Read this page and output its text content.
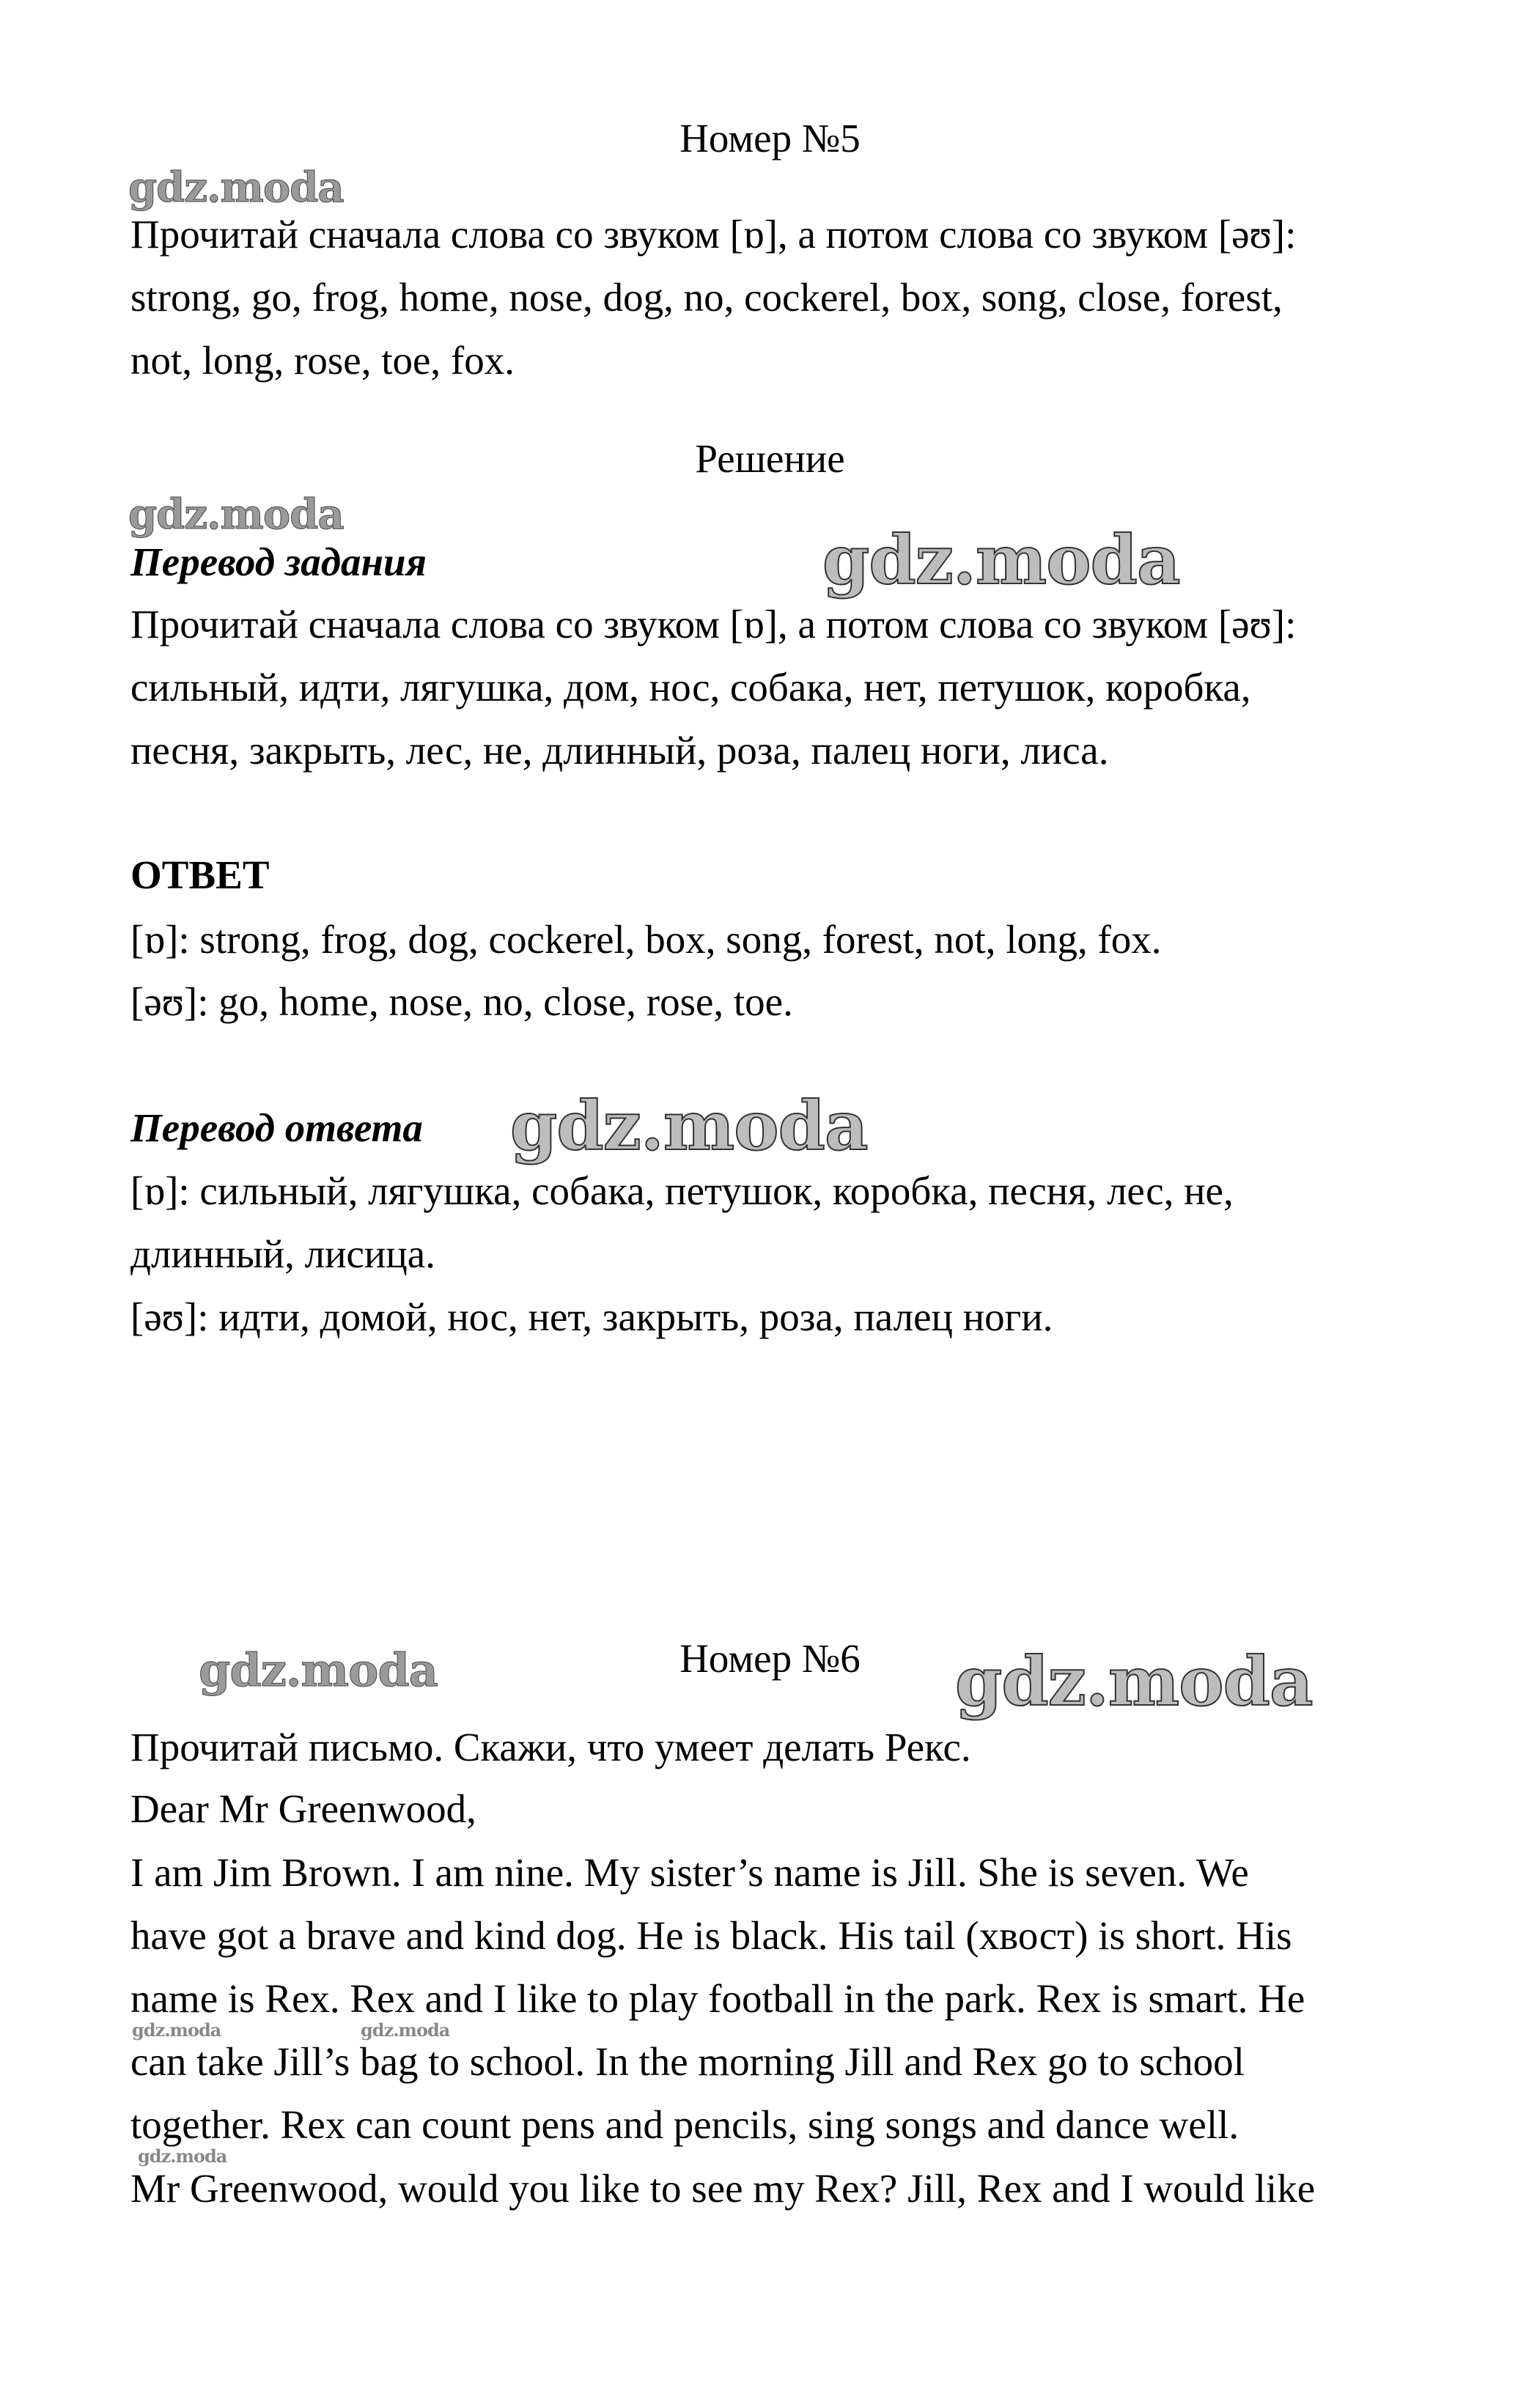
Номер №5
gdz.moda
Прочитай сначала слова со звуком [ɒ], а потом слова со звуком [əʊ]:
strong, go, frog, home, nose, dog, no, cockerel, box, song, close, forest,
not, long, rose, toe, fox.
Решение
gdz.moda
Перевод задания	gdz.moda
Прочитай сначала слова со звуком [ɒ], а потом слова со звуком [əʊ]:
сильный, идти, лягушка, дом, нос, собака, нет, петушок, коробка,
песня, закрыть, лес, не, длинный, роза, палец ноги, лиса.
ОТВЕТ
[ɒ]: strong, frog, dog, cockerel, box, song, forest, not, long, fox.
[əʊ]: go, home, nose, no, close, rose, toe.
Перевод ответа gdz.moda
[ɒ]: сильный, лягушка, собака, петушок, коробка, песня, лес, не,
длинный, лисица.
[əʊ]: идти, домой, нос, нет, закрыть, роза, палец ноги.
gdz.moda	Номер №6 gdz.moda
Прочитай письмо. Скажи, что умеет делать Рекс.
Dear Mr Greenwood,
I am Jim Brown. I am nine. My sister’s name is Jill. She is seven. We
have got a brave and kind dog. He is black. His tail (хвост) is short. His
name is Rex. Rex and I like to play football in the park. Rex is smart. He
gdz.moda	gdz.moda
can take Jill’s bag to school. In the morning Jill and Rex go to school
together. Rex can count pens and pencils, sing songs and dance well.
gdz.moda
Mr Greenwood, would you like to see my Rex? Jill, Rex and I would like
